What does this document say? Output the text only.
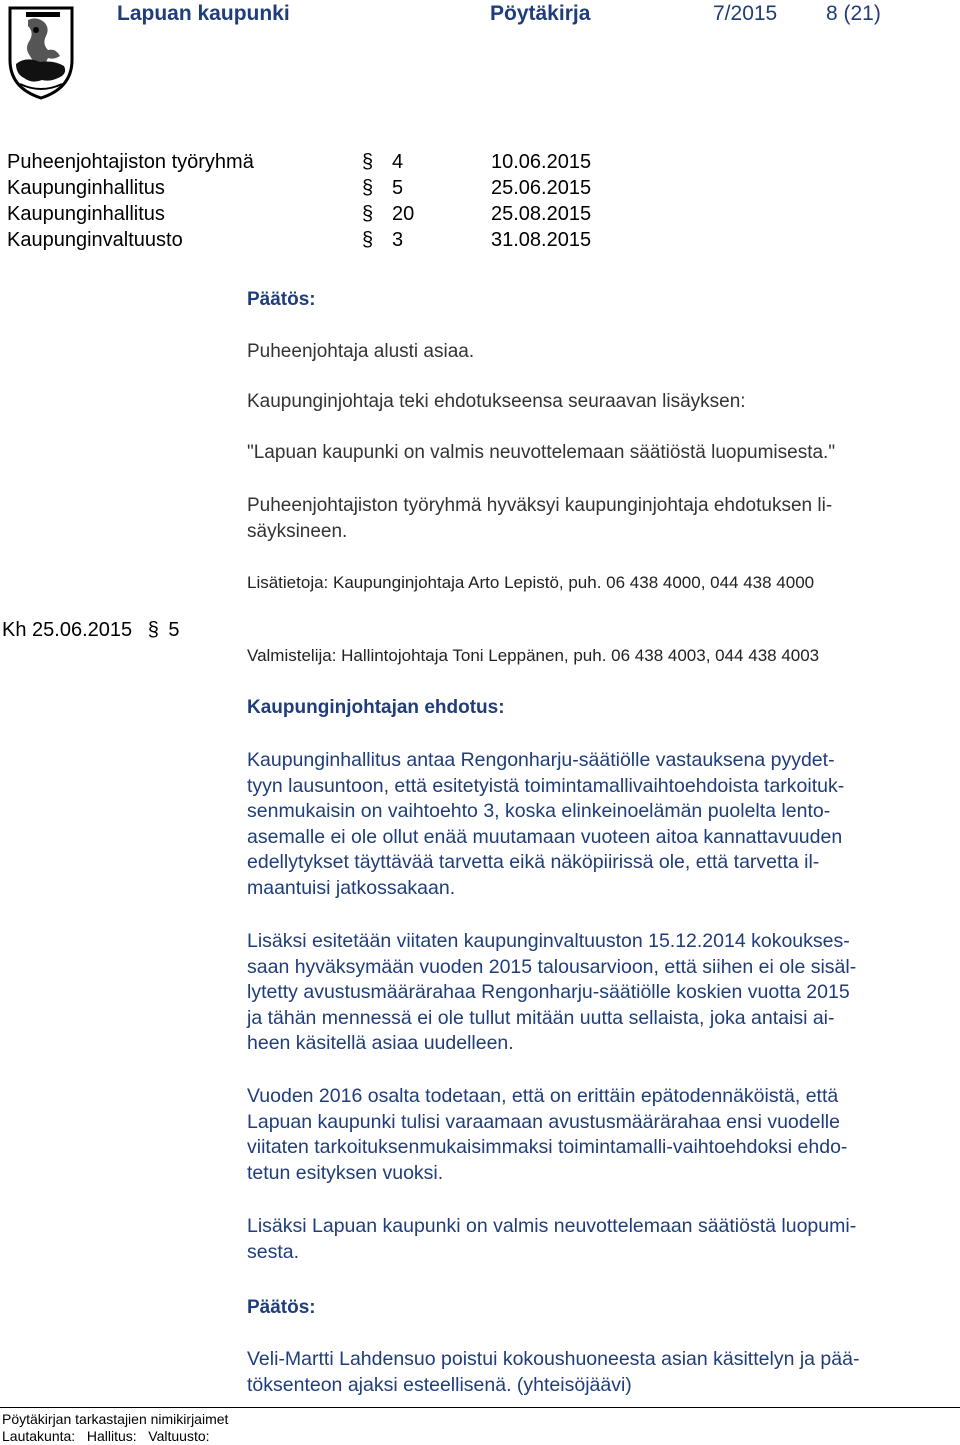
Lapuan kaupunki	Pöytäkirja	7/2015 8 (21)
Puheenjohtajiston työryhmä	§ 4	10.06.2015
Kaupunginhallitus	§ 5	25.06.2015
Kaupunginhallitus	§ 20	25.08.2015
Kaupunginvaltuusto	§ 3	31.08.2015
Päätös:
Puheenjohtaja alusti asiaa.
Kaupunginjohtaja teki ehdotukseensa seuraavan lisäyksen:
"Lapuan kaupunki on valmis neuvottelemaan säätiöstä luopumisesta."
Puheenjohtajiston työryhmä hyväksyi kaupunginjohtaja ehdotuksen li-
säyksineen.
Lisätietoja: Kaupunginjohtaja Arto Lepistö, puh. 06 438 4000, 044 438 4000
Kh 25.06.2015 § 5
Valmistelija: Hallintojohtaja Toni Leppänen, puh. 06 438 4003, 044 438 4003
Kaupunginjohtajan ehdotus:
Kaupunginhallitus antaa Rengonharju-säätiölle vastauksena pyydet-
tyyn lausuntoon, että esitetyistä toimintamallivaihtoehdoista tarkoituk-
senmukaisin on vaihtoehto 3, koska elinkeinoelämän puolelta lento-
asemalle ei ole ollut enää muutamaan vuoteen aitoa kannattavuuden
edellytykset täyttävää tarvetta eikä näköpiirissä ole, että tarvetta il-
maantuisi jatkossakaan.
Lisäksi esitetään viitaten kaupunginvaltuuston 15.12.2014 kokoukses-
saan hyväksymään vuoden 2015 talousarvioon, että siihen ei ole sisäl-
lytetty avustusmäärärahaa Rengonharju-säätiölle koskien vuotta 2015
ja tähän mennessä ei ole tullut mitään uutta sellaista, joka antaisi ai-
heen käsitellä asiaa uudelleen.
Vuoden 2016 osalta todetaan, että on erittäin epätodennäköistä, että
Lapuan kaupunki tulisi varaamaan avustusmäärärahaa ensi vuodelle
viitaten tarkoituksenmukaisimmaksi toimintamalli-vaihtoehdoksi ehdo-
tetun esityksen vuoksi.
Lisäksi Lapuan kaupunki on valmis neuvottelemaan säätiöstä luopumi-
sesta.
Päätös:
Veli-Martti Lahdensuo poistui kokoushuoneesta asian käsittelyn ja pää-
töksenteon ajaksi esteellisenä. (yhteisöjäävi)
Pöytäkirjan tarkastajien nimikirjaimet
Lautakunta:   Hallitus:   Valtuusto:
